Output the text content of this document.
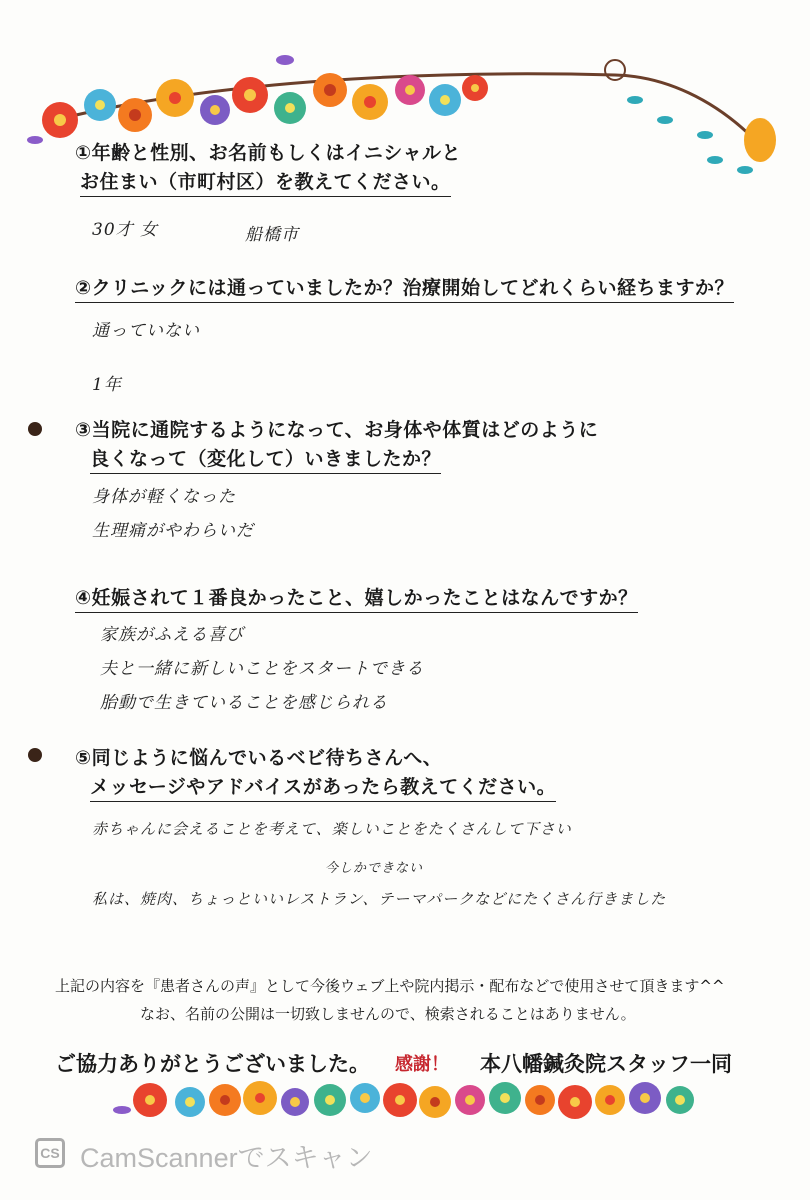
①年齢と性別、お名前もしくはイニシャルと
お住まい（市町村区）を教えてください。
30才 女	船橋市
②クリニックには通っていましたか？治療開始してどれくらい経ちますか？
通っていない
1年
③当院に通院するようになって、お身体や体質はどのように
良くなって（変化して）いきましたか？
身体が軽くなった
生理痛がやわらいだ
④妊娠されて１番良かったこと、嬉しかったことはなんですか？
家族がふえる喜び
夫と一緒に新しいことをスタートできる
胎動で生きていることを感じられる
⑤同じように悩んでいるベビ待ちさんへ、
メッセージやアドバイスがあったら教えてください。
赤ちゃんに会えることを考えて、楽しいことをたくさんして下さい
今しかできない
私は、焼肉、ちょっといいレストラン、テーマパークなどにたくさん行きました
上記の内容を『患者さんの声』として今後ウェブ上や院内掲示・配布などで使用させて頂きます^^
なお、名前の公開は一切致しませんので、検索されることはありません。
ご協力ありがとうございました。 感謝！ 本八幡鍼灸院スタッフ一同
CS CamScannerでスキャン
